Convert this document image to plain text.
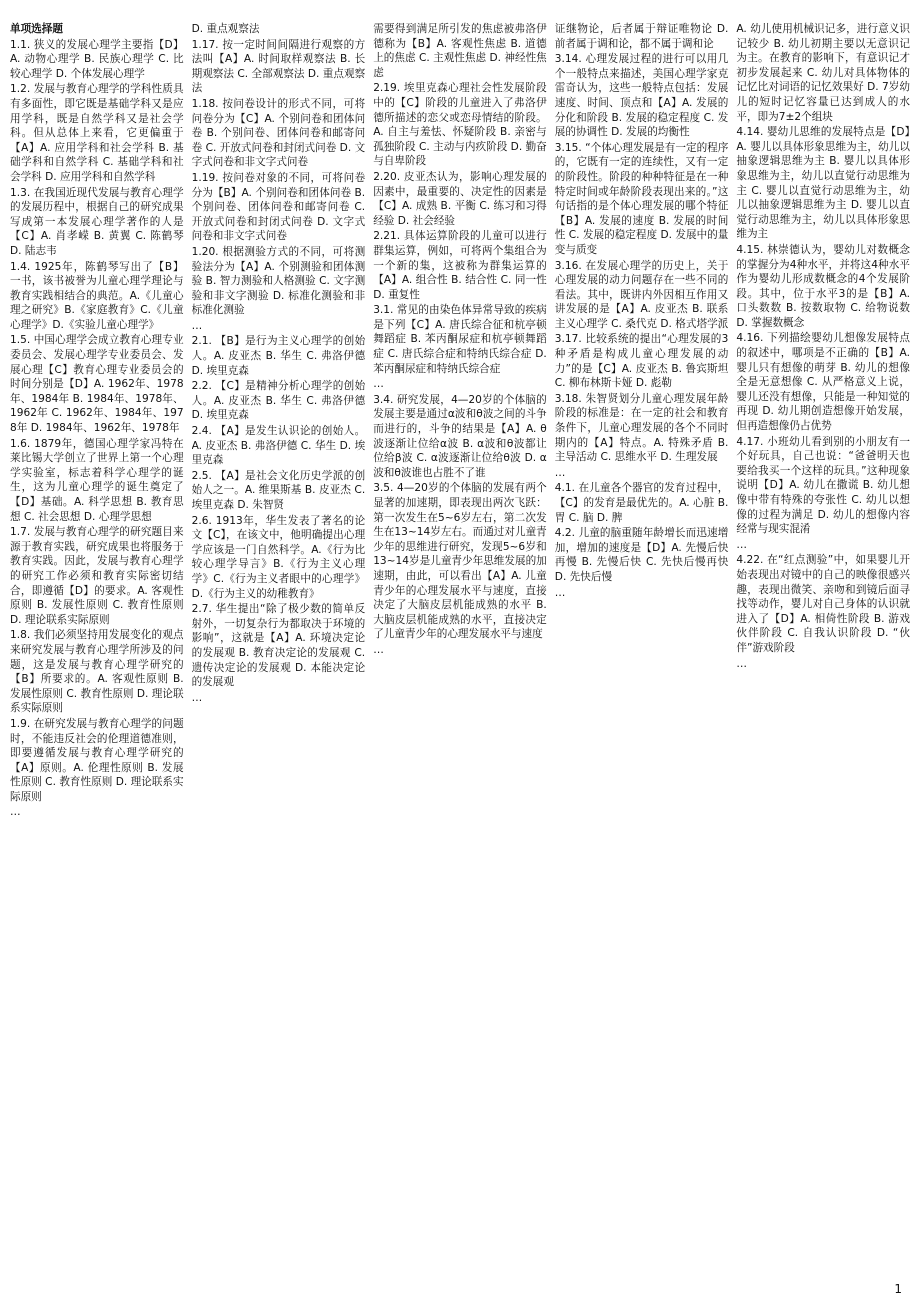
单项选择题

1.1. 狭义的发展心理学主要指【D】A. 动物心理学 B. 民族心理学 C. 比较心理学 D. 个体发展心理学

1.2. 发展与教育心理学的学科性质具有多面性，即它既是基础学科又是应用学科，既是自然学科又是社会学科。但从总体上来看，它更偏重于【A】A. 应用学科和社会学科 B. 基础学科和自然学科 C. 基础学科和社会学科 D. 应用学科和自然学科

1.3. 在我国近现代发展与教育心理学的发展历程中，根据自己的研究成果写成第一本发展心理学著作的人是【C】A. 肖孝嵘 B. 黄翼 C. 陈鹤琴 D. 陆志韦

1.4. 1925年，陈鹤琴写出了【B】一书，该书被誉为儿童心理学理论与教育实践相结合的典范。A.《儿童心理之研究》B.《家庭教育》C.《儿童心理学》D.《实验儿童心理学》

1.5. 中国心理学会成立教育心理专业委员会、发展心理学专业委员会、发展心理【C】教育心理专业委员会的时间分别是【D】A. 1962年、1978年、1984年 B. 1984年、1978年、1962年 C. 1962年、1984年、1978年 D. 1984年、1962年、1978年

1.6. 1879年，德国心理学家冯特在莱比锡大学创立了世界上第一个心理学实验室，标志着科学心理学的诞生，这为儿童心理学的诞生奠定了【D】基础。A. 科学思想 B. 教育思想 C. 社会思想 D. 心理学思想

1.7. 发展与教育心理学的研究题目来源于教育实践，研究成果也将服务于教育实践。因此，发展与教育心理学的研究工作必须和教育实际密切结合，即遵循【D】的要求。A. 客观性原则 B. 发展性原则 C. 教育性原则 D. 理论联系实际原则

1.8. 我们必须坚持用发展变化的观点来研究发展与教育心理学所涉及的问题，这是发展与教育心理学研究的【B】所要求的。A. 客观性原则 B. 发展性原则 C. 教育性原则 D. 理论联系实际原则

1.9. 在研究发展与教育心理学的问题时，不能违反社会的伦理道德准则，即要遵循发展与教育心理学研究的【A】原则。A. 伦理性原则 B. 发展性原则 C. 教育性原则 D. 理论联系实际原则

…

D. 重点观察法

1.17. 按一定时间间隔进行观察的方法叫【A】A. 时间取样观察法 B. 长期观察法 C. 全部观察法 D. 重点观察法

1.18. 按问卷设计的形式不同，可将问卷分为【C】A. 个别问卷和团体问卷 B. 个别问卷、团体问卷和邮寄问卷 C. 开放式问卷和封闭式问卷 D. 文字式问卷和非文字式问卷

1.19. 按问卷对象的不同，可将问卷分为【B】A. 个别问卷和团体问卷 B. 个别问卷、团体问卷和邮寄问卷 C. 开放式问卷和封闭式问卷 D. 文字式问卷和非文字式问卷

1.20. 根据测验方式的不同，可将测验法分为【A】A. 个别测验和团体测验 B. 智力测验和人格测验 C. 文字测验和非文字测验 D. 标准化测验和非标准化测验

…

2.1. 【B】是行为主义心理学的创始人。A. 皮亚杰 B. 华生 C. 弗洛伊德 D. 埃里克森

2.2. 【C】是精神分析心理学的创始人。A. 皮亚杰 B. 华生 C. 弗洛伊德 D. 埃里克森

2.4. 【A】是发生认识论的创始人。A. 皮亚杰 B. 弗洛伊德 C. 华生 D. 埃里克森

2.5. 【A】是社会文化历史学派的创始人之一。A. 维果斯基 B. 皮亚杰 C. 埃里克森 D. 朱智贤

2.6. 1913年，华生发表了著名的论文【C】，在该文中，他明确提出心理学应该是一门自然科学。A.《行为比较心理学导言》B.《行为主义心理学》C.《行为主义者眼中的心理学》D.《行为主义的幼稚教育》

2.7. 华生提出“除了极少数的简单反射外，一切复杂行为都取决于环境的影响”，这就是【A】A. 环境决定论的发展观 B. 教育决定论的发展观 C. 遗传决定论的发展观 D. 本能决定论的发展观

…

需要得到满足所引发的焦虑被弗洛伊德称为【B】A. 客观性焦虑 B. 道德上的焦虑 C. 主观性焦虑 D. 神经性焦虑

2.19. 埃里克森心理社会性发展阶段中的【C】阶段的儿童进入了弗洛伊德所描述的恋父或恋母情结的阶段。A. 自主与羞怯、怀疑阶段 B. 亲密与孤独阶段 C. 主动与内疚阶段 D. 勤奋与自卑阶段

2.20. 皮亚杰认为，影响心理发展的因素中，最重要的、决定性的因素是【C】A. 成熟 B. 平衡 C. 练习和习得经验 D. 社会经验

2.21. 具体运算阶段的儿童可以进行群集运算，例如，可将两个集组合为一个新的集，这被称为群集运算的【A】A. 组合性 B. 结合性 C. 同一性 D. 重复性

3.1. 常见的由染色体异常导致的疾病是下列【C】A. 唐氏综合征和杭亭顿舞蹈症 B. 苯丙酮尿症和杭亭顿舞蹈症 C. 唐氏综合症和特纳氏综合症 D. 苯丙酮尿症和特纳氏综合症

…

3.4. 研究发展，4—20岁的个体脑的发展主要是通过α波和θ波之间的斗争而进行的，斗争的结果是【A】A. θ波逐渐让位给α波 B. α波和θ波都让位给β波 C. α波逐渐让位给θ波 D. α波和θ波谁也占胜不了谁

3.5. 4—20岁的个体脑的发展有两个显著的加速期，即表现出两次飞跃：第一次发生在5~6岁左右，第二次发生在13~14岁左右。而通过对儿童青少年的思维进行研究，发现5~6岁和13~14岁是儿童青少年思维发展的加速期，由此，可以看出【A】A. 儿童青少年的心理发展水平与速度，直接决定了大脑皮层机能成熟的水平 B. 大脑皮层机能成熟的水平，直接决定了儿童青少年的心理发展水平与速度

…

证继物论，后者属于辩证唯物论 D. 前者属于调和论，都不属于调和论

3.14. 心理发展过程的进行可以用几个一般特点来描述，美国心理学家克雷奇认为，这些一般特点包括：发展速度、时间、顶点和【A】A. 发展的分化和阶段 B. 发展的稳定程度 C. 发展的协调性 D. 发展的均衡性

3.15. “个体心理发展是有一定的程序的，它既有一定的连续性，又有一定的阶段性。阶段的种种特征是在一种特定时间或年龄阶段表现出来的。”这句话指的是个体心理发展的哪个特征【B】A. 发展的速度 B. 发展的时间性 C. 发展的稳定程度 D. 发展中的量变与质变

3.16. 在发展心理学的历史上，关于心理发展的动力问题存在一些不同的看法。其中，既讲内外因相互作用又讲发展的是【A】A. 皮亚杰 B. 联系主义心理学 C. 桑代克 D. 格式塔学派

3.17. 比较系统的提出“心理发展的3种矛盾是构成儿童心理发展的动力”的是【C】A. 皮亚杰 B. 鲁宾斯坦 C. 柳布林斯卡娅 D. 彪勒

3.18. 朱智贤划分儿童心理发展年龄阶段的标准是：在一定的社会和教育条件下，儿童心理发展的各个不同时期内的【A】特点。A. 特殊矛盾 B. 主导活动 C. 思维水平 D. 生理发展

…

4.1. 在儿童各个器官的发育过程中，【C】的发育是最优先的。A. 心脏 B. 胃 C. 脑 D. 脾

4.2. 儿童的脑重随年龄增长而迅速增加，增加的速度是【D】A. 先慢后快再慢 B. 先慢后快 C. 先快后慢再快 D. 先快后慢

…

A. 幼儿使用机械识记多，进行意义识记较少 B. 幼儿初期主要以无意识记为主。在教育的影响下，有意识记才初步发展起来 C. 幼儿对具体物体的记忆比对词语的记忆效果好 D. 7岁幼儿的短时记忆容量已达到成人的水平，即为7±2个组块

4.14. 婴幼儿思维的发展特点是【D】A. 婴儿以具体形象思维为主，幼儿以抽象逻辑思维为主 B. 婴儿以具体形象思维为主，幼儿以直觉行动思维为主 C. 婴儿以直觉行动思维为主，幼儿以抽象逻辑思维为主 D. 婴儿以直觉行动思维为主，幼儿以具体形象思维为主

4.15. 林崇德认为，婴幼儿对数概念的掌握分为4种水平，并将这4种水平作为婴幼儿形成数概念的4个发展阶段。其中，位于水平3的是【B】A. 口头数数 B. 按数取物 C. 给物说数 D. 掌握数概念

4.16. 下列描绘婴幼儿想像发展特点的叙述中，哪项是不正确的【B】A. 婴儿只有想像的萌芽 B. 幼儿的想像全是无意想像 C. 从严格意义上说，婴儿还没有想像，只能是一种知觉的再现 D. 幼儿期创造想像开始发展，但再造想像仍占优势

4.17. 小班幼儿看到别的小朋友有一个好玩具，自己也说：“爸爸明天也要给我买一个这样的玩具。”这种现象说明【D】A. 幼儿在撒谎 B. 幼儿想像中带有特殊的夸张性 C. 幼儿以想像的过程为满足 D. 幼儿的想像内容经常与现实混淆

…

4.22. 在“红点测验”中，如果婴儿开始表现出对镜中的自己的映像很感兴趣，表现出微笑、亲吻和到镜后面寻找等动作，婴儿对自己身体的认识就进入了【D】A. 相倚性阶段 B. 游戏伙伴阶段 C. 自我认识阶段 D. “伙伴”游戏阶段

…

1
